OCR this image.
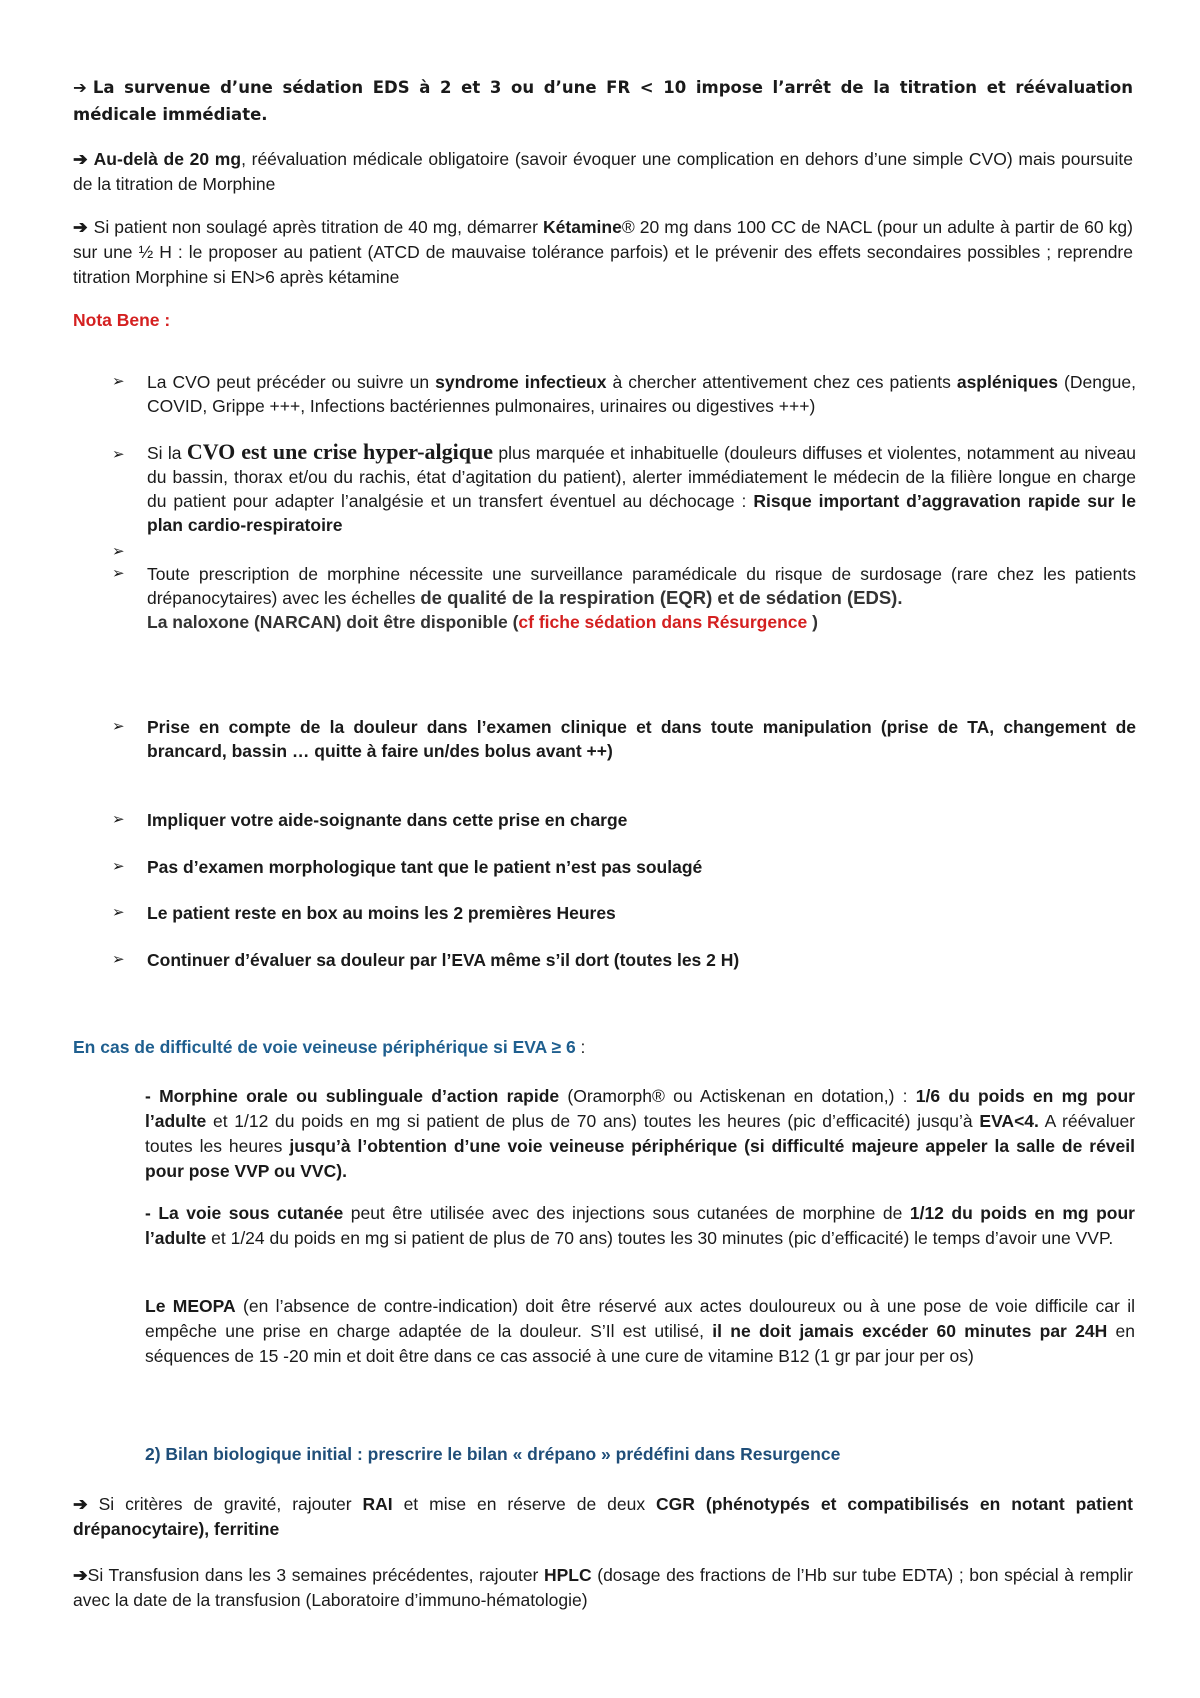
➔ La survenue d’une sédation EDS à 2 et 3 ou d’une FR < 10 impose l’arrêt de la titration et réévaluation médicale immédiate.
➔ Au-delà de 20 mg, réévaluation médicale obligatoire (savoir évoquer une complication en dehors d’une simple CVO) mais poursuite de la titration de Morphine
➔ Si patient non soulagé après titration de 40 mg, démarrer Kétamine® 20 mg dans 100 CC de NACL (pour un adulte à partir de 60 kg) sur une ½ H : le proposer au patient (ATCD de mauvaise tolérance parfois) et le prévenir des effets secondaires possibles ; reprendre titration Morphine si EN>6 après kétamine
Nota Bene :
➢ La CVO peut précéder ou suivre un syndrome infectieux à chercher attentivement chez ces patients aspléniques (Dengue, COVID, Grippe +++, Infections bactériennes pulmonaires, urinaires ou digestives +++)
➢ Si la CVO est une crise hyper-algique plus marquée et inhabituelle (douleurs diffuses et violentes, notamment au niveau du bassin, thorax et/ou du rachis, état d’agitation du patient), alerter immédiatement le médecin de la filière longue en charge du patient pour adapter l’analgésie et un transfert éventuel au déchocage : Risque important d’aggravation rapide sur le plan cardio-respiratoire
➢
➢ Toute prescription de morphine nécessite une surveillance paramédicale du risque de surdosage (rare chez les patients drépanocytaires) avec les échelles de qualité de la respiration (EQR) et de sédation (EDS).
La naloxone (NARCAN) doit être disponible (cf fiche sédation dans Résurgence )
➢ Prise en compte de la douleur dans l’examen clinique et dans toute manipulation (prise de TA, changement de brancard, bassin … quitte à faire un/des bolus avant ++)
➢ Impliquer votre aide-soignante dans cette prise en charge
➢ Pas d’examen morphologique tant que le patient n’est pas soulagé
➢ Le patient reste en box au moins les 2 premières Heures
➢ Continuer d’évaluer sa douleur par l’EVA même s’il dort (toutes les 2 H)
En cas de difficulté de voie veineuse périphérique si EVA ≥ 6 :
- Morphine orale ou sublinguale d’action rapide (Oramorph® ou Actiskenan en dotation,) : 1/6 du poids en mg pour l’adulte et 1/12 du poids en mg si patient de plus de 70 ans) toutes les heures (pic d’efficacité) jusqu’à EVA<4. A réévaluer toutes les heures jusqu’à l’obtention d’une voie veineuse périphérique (si difficulté majeure appeler la salle de réveil pour pose VVP ou VVC).
- La voie sous cutanée peut être utilisée avec des injections sous cutanées de morphine de 1/12 du poids en mg pour l’adulte et 1/24 du poids en mg si patient de plus de 70 ans) toutes les 30 minutes (pic d’efficacité) le temps d’avoir une VVP.
Le MEOPA (en l’absence de contre-indication) doit être réservé aux actes douloureux ou à une pose de voie difficile car il empêche une prise en charge adaptée de la douleur. S’Il est utilisé, il ne doit jamais excéder 60 minutes par 24H en séquences de 15 -20 min et doit être dans ce cas associé à une cure de vitamine B12 (1 gr par jour per os)
2) Bilan biologique initial : prescrire le bilan « drépano » prédéfini dans Resurgence
➔ Si critères de gravité, rajouter RAI et mise en réserve de deux CGR (phénotypés et compatibilisés en notant patient drépanocytaire), ferritine
➔Si Transfusion dans les 3 semaines précédentes, rajouter HPLC (dosage des fractions de l’Hb sur tube EDTA) ; bon spécial à remplir avec la date de la transfusion (Laboratoire d’immuno-hématologie)
